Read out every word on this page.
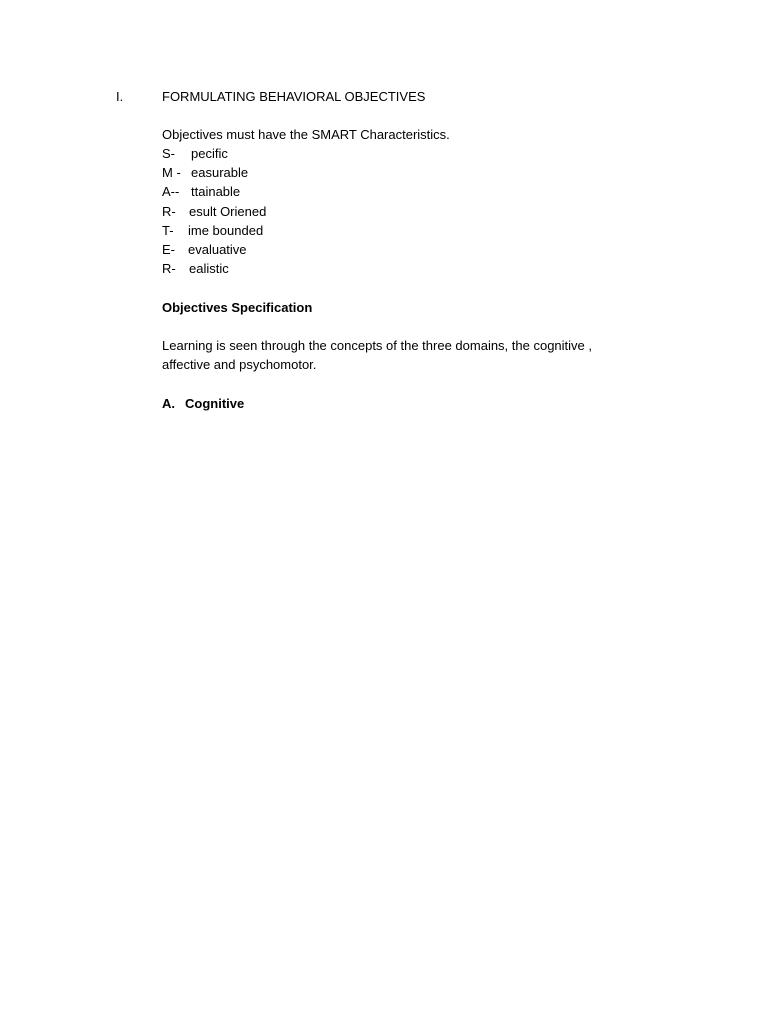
I.	FORMULATING BEHAVIORAL OBJECTIVES
Objectives must have the SMART Characteristics.
S- pecific
M - easurable
A-- ttainable
R- esult Oriened
T- ime bounded
E- evaluative
R- ealistic
Objectives Specification
Learning is seen through the concepts of the three domains, the cognitive ,
affective and psychomotor.
A. Cognitive
